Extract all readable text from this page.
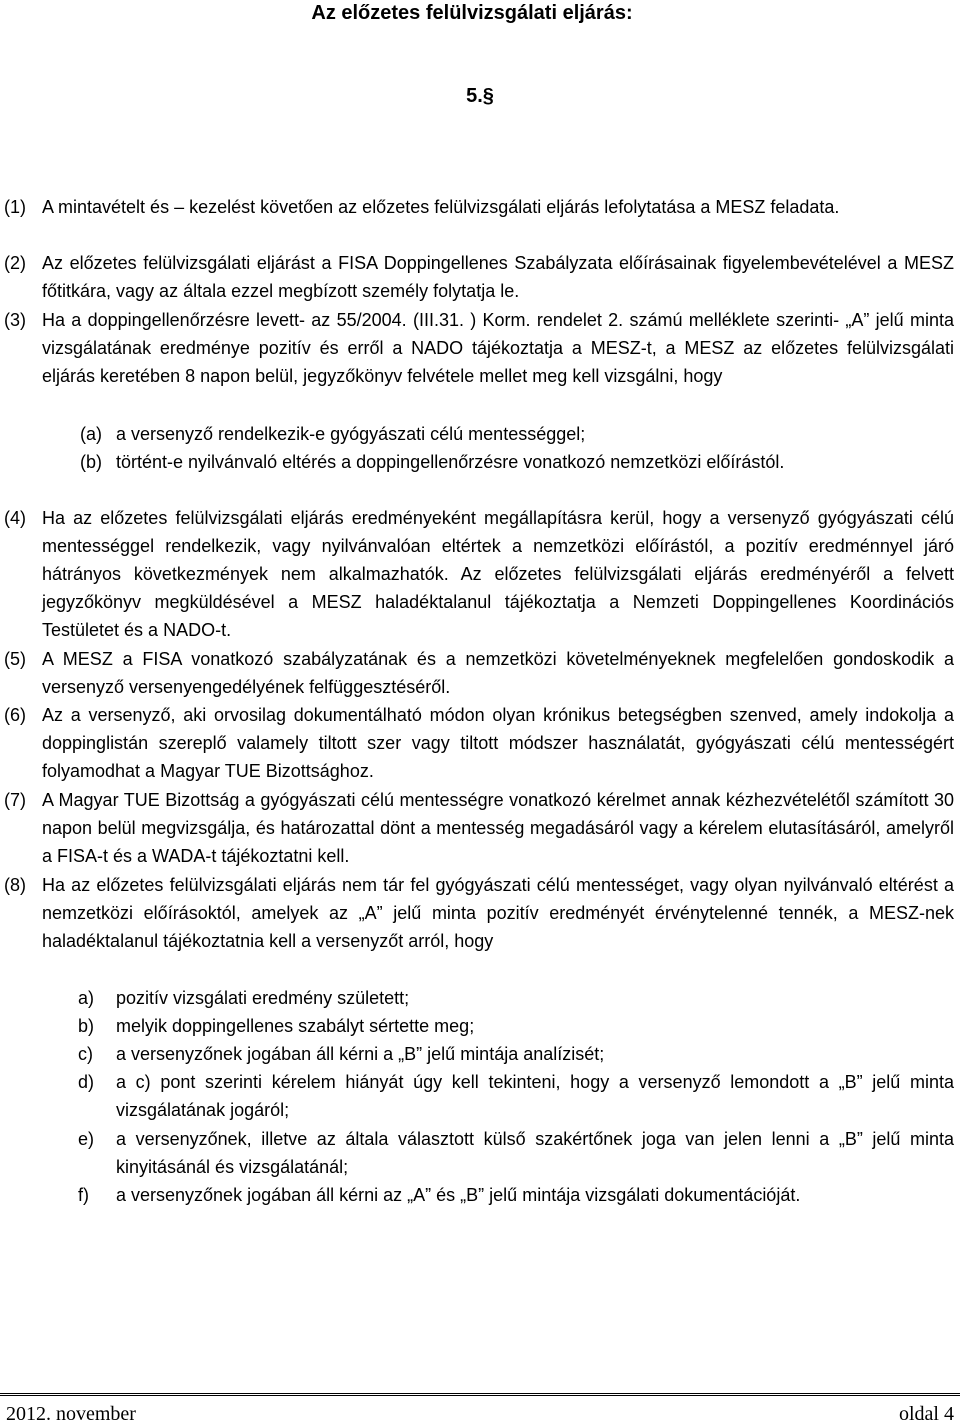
Az előzetes felülvizsgálati eljárás:
5.§
(1) A mintavételt és – kezelést követően az előzetes felülvizsgálati eljárás lefolytatása a MESZ feladata.
(2) Az előzetes felülvizsgálati eljárást a FISA Doppingellenes Szabályzata előírásainak figyelembevételével a MESZ főtitkára, vagy az általa ezzel megbízott személy folytatja le.
(3) Ha a doppingellenőrzésre levett- az 55/2004. (III.31. ) Korm. rendelet 2. számú melléklete szerinti- „A” jelű minta vizsgálatának eredménye pozitív és erről a NADO tájékoztatja a MESZ-t, a MESZ az előzetes felülvizsgálati eljárás keretében 8 napon belül, jegyzőkönyv felvétele mellet meg kell vizsgálni, hogy
(a) a versenyző rendelkezik-e gyógyászati célú mentességgel;
(b) történt-e nyilvánvaló eltérés a doppingellenőrzésre vonatkozó nemzetközi előírástól.
(4) Ha az előzetes felülvizsgálati eljárás eredményeként megállapításra kerül, hogy a versenyző gyógyászati célú mentességgel rendelkezik, vagy nyilvánvalóan eltértek a nemzetközi előírástól, a pozitív eredménnyel járó hátrányos következmények nem alkalmazhatók. Az előzetes felülvizsgálati eljárás eredményéről a felvett jegyzőkönyv megküldésével a MESZ haladéktalanul tájékoztatja a Nemzeti Doppingellenes Koordinációs Testületet és a NADO-t.
(5) A MESZ a FISA vonatkozó szabályzatának és a nemzetközi követelményeknek megfelelően gondoskodik a versenyző versenyengedélyének felfüggesztéséről.
(6) Az a versenyző, aki orvosilag dokumentálható módon olyan krónikus betegségben szenved, amely indokolja a doppinglistán szereplő valamely tiltott szer vagy tiltott módszer használatát, gyógyászati célú mentességért folyamodhat a Magyar TUE Bizottsághoz.
(7) A Magyar TUE Bizottság a gyógyászati célú mentességre vonatkozó kérelmet annak kézhezvételétől számított 30 napon belül megvizsgálja, és határozattal dönt a mentesség megadásáról vagy a kérelem elutasításáról, amelyről a FISA-t és a WADA-t tájékoztatni kell.
(8) Ha az előzetes felülvizsgálati eljárás nem tár fel gyógyászati célú mentességet, vagy olyan nyilvánvaló eltérést a nemzetközi előírásoktól, amelyek az „A” jelű minta pozitív eredményét érvénytelenné tennék, a MESZ-nek haladéktalanul tájékoztatnia kell a versenyzőt arról, hogy
a) pozitív vizsgálati eredmény született;
b) melyik doppingellenes szabályt sértette meg;
c) a versenyzőnek jogában áll kérni a „B” jelű mintája analízisét;
d) a c) pont szerinti kérelem hiányát úgy kell tekinteni, hogy a versenyző lemondott a „B” jelű minta vizsgálatának jogáról;
e) a versenyzőnek, illetve az általa választott külső szakértőnek joga van jelen lenni a „B” jelű minta kinyitásánál és vizsgálatánál;
f) a versenyzőnek jogában áll kérni az „A” és „B” jelű mintája vizsgálati dokumentációját.
2012. november	oldal 4
